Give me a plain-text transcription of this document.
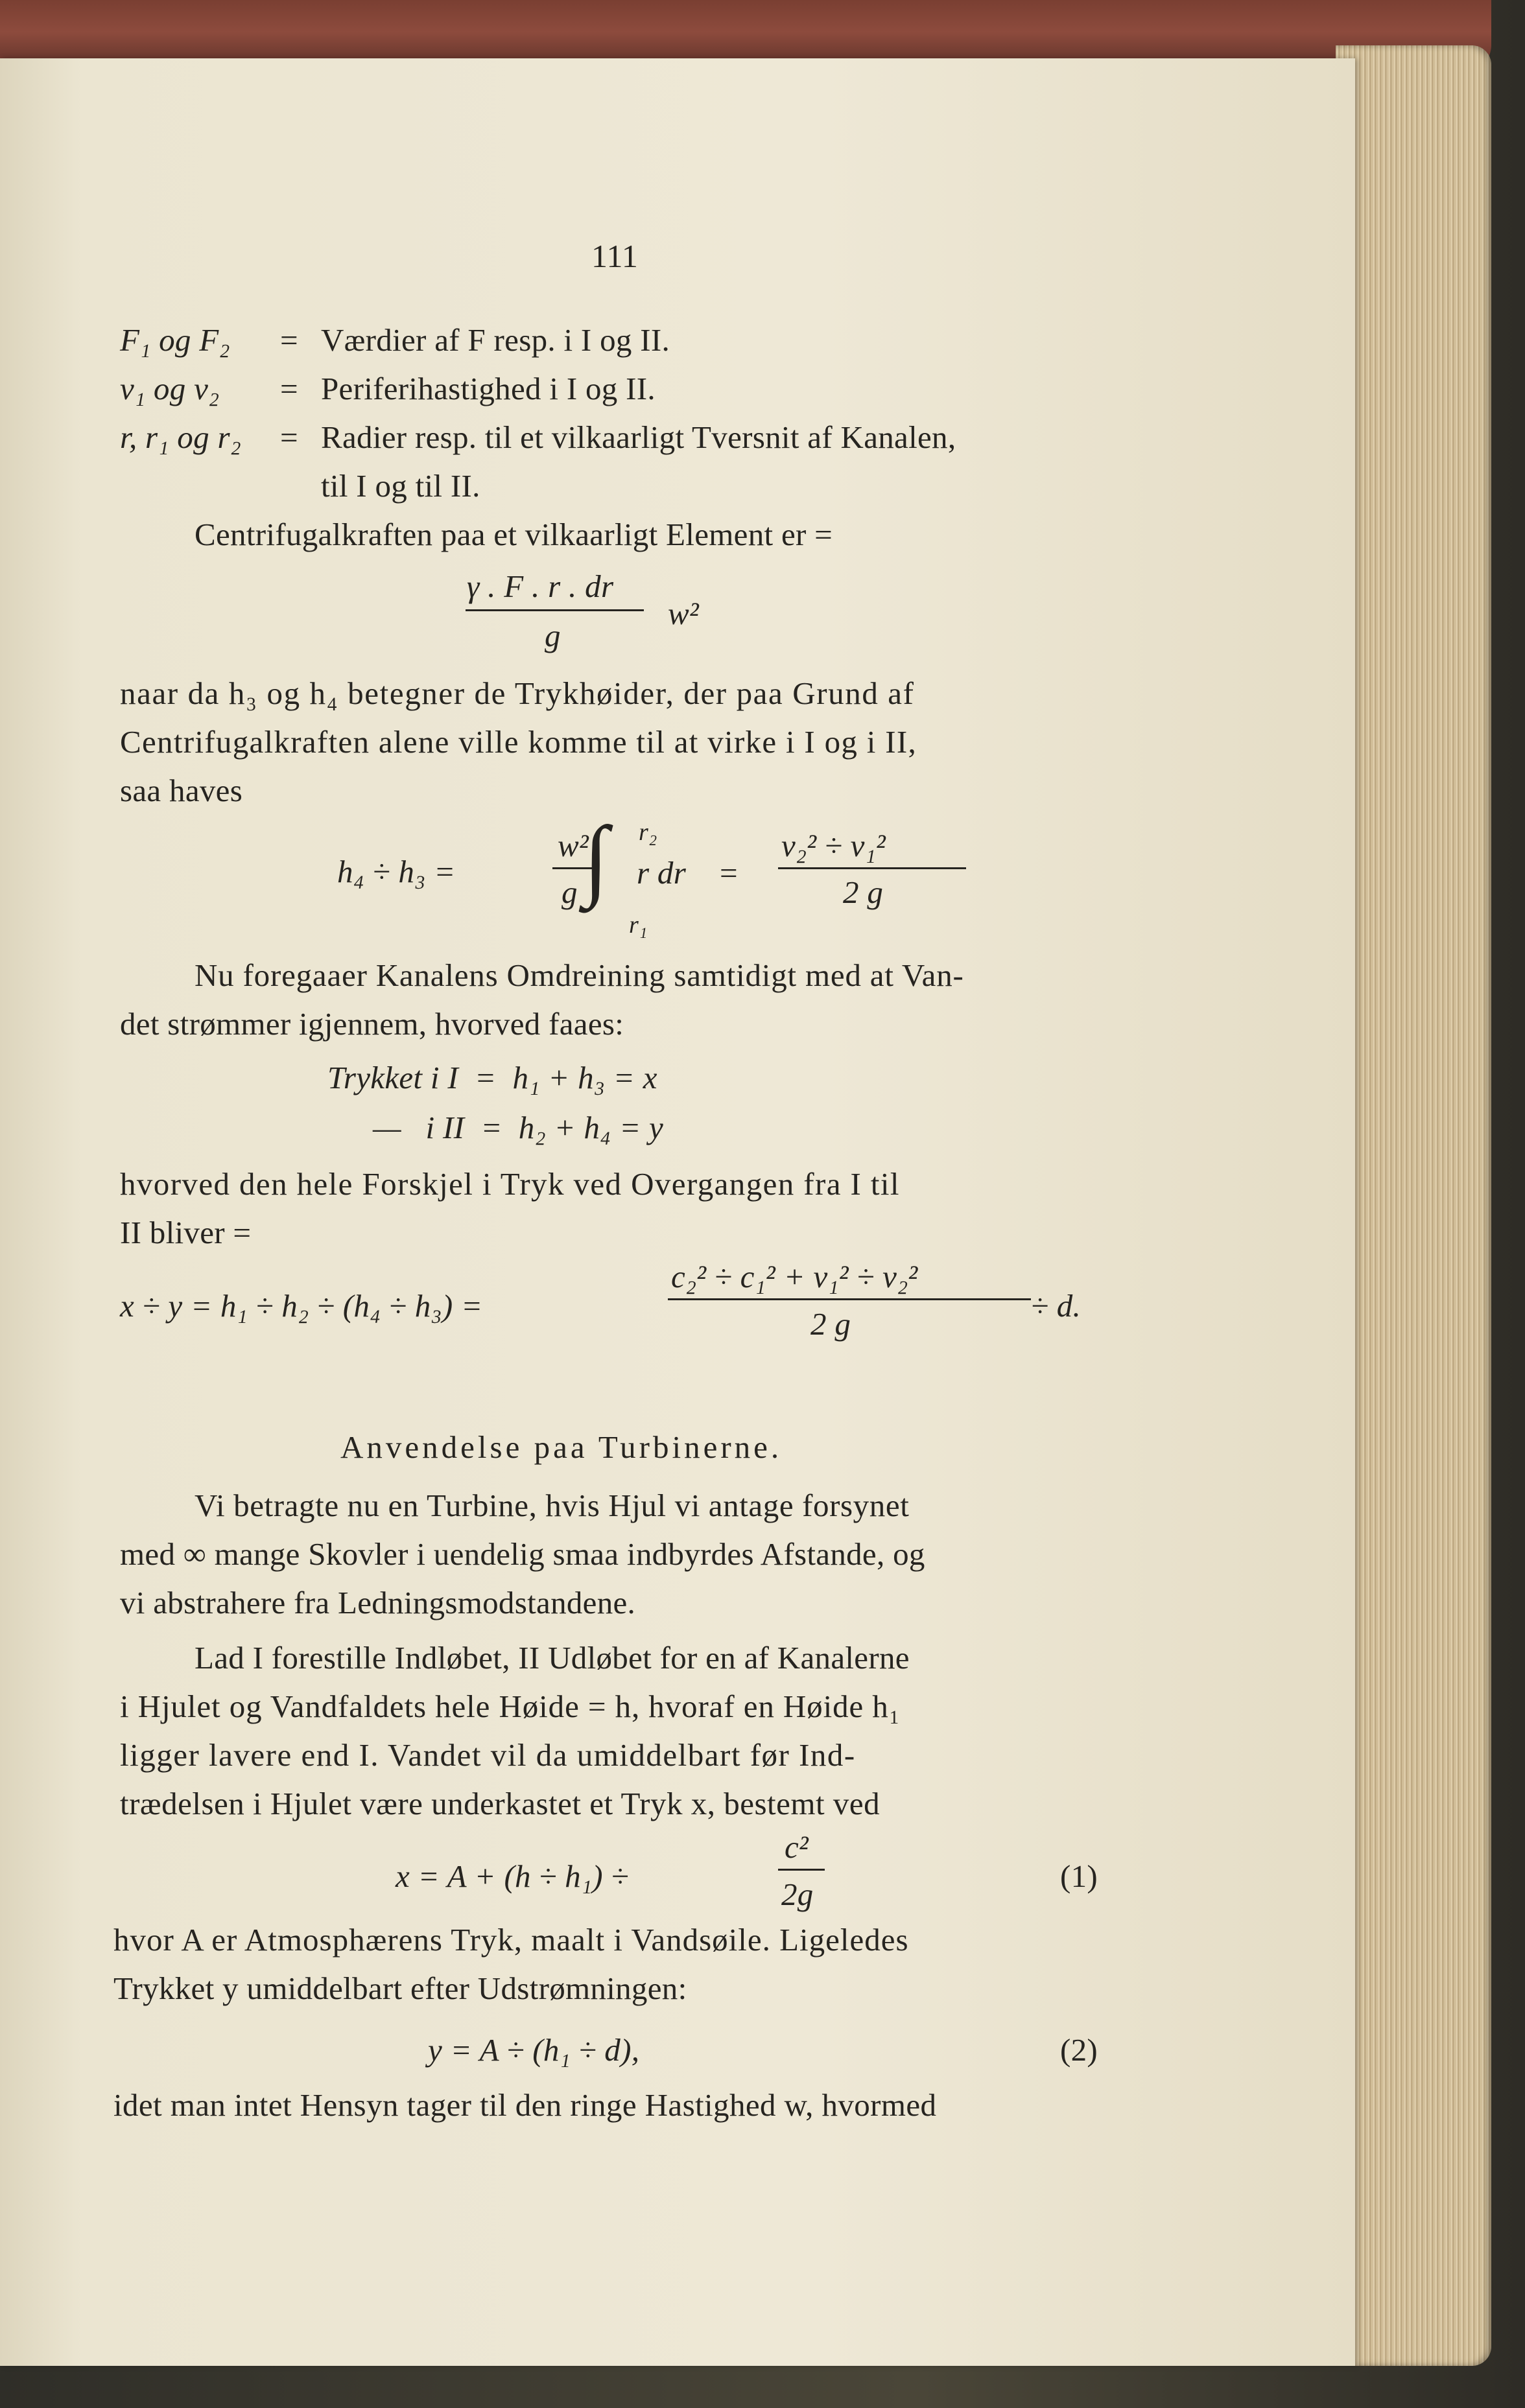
111
F₁ og F₂ = Værdier af F resp. i I og II.
v₁ og v₂ = Periferihastighed i I og II.
r, r₁ og r₂ = Radier resp. til et vilkaarligt Tversnit af Kanalen,
til I og til II.
Centrifugalkraften paa et vilkaarligt Element er =
γ . F . r . dr
g
w²
naar da h₃ og h₄ betegner de Trykhøider, der paa Grund af
Centrifugalkraften alene ville komme til at virke i I og i II,
saa haves
h₄ ÷ h₃ =
w²
g ∫ r₂
r₁
r dr =
v₂² ÷ v₁²
2 g
Nu foregaaer Kanalens Omdreining samtidigt med at Van-
det strømmer igjennem, hvorved faaes:
Trykket i I  =  h₁ + h₃ = x
—   i II  =  h₂ + h₄ = y
hvorved den hele Forskjel i Tryk ved Overgangen fra I til
II bliver =
x ÷ y = h₁ ÷ h₂ ÷ (h₄ ÷ h₃) =
c₂² ÷ c₁² + v₁² ÷ v₂²
2 g
÷ d.
Anvendelse paa Turbinerne.
Vi betragte nu en Turbine, hvis Hjul vi antage forsynet
med ∞ mange Skovler i uendelig smaa indbyrdes Afstande, og
vi abstrahere fra Ledningsmodstandene.
Lad I forestille Indløbet, II Udløbet for en af Kanalerne
i Hjulet og Vandfaldets hele Høide = h, hvoraf en Høide h₁
ligger lavere end I. Vandet vil da umiddelbart før Ind-
trædelsen i Hjulet være underkastet et Tryk x, bestemt ved
x = A + (h ÷ h₁) ÷
c²
2g
(1)
hvor A er Atmosphærens Tryk, maalt i Vandsøile. Ligeledes
Trykket y umiddelbart efter Udstrømningen:
y = A ÷ (h₁ ÷ d),	(2)
idet man intet Hensyn tager til den ringe Hastighed w, hvormed
